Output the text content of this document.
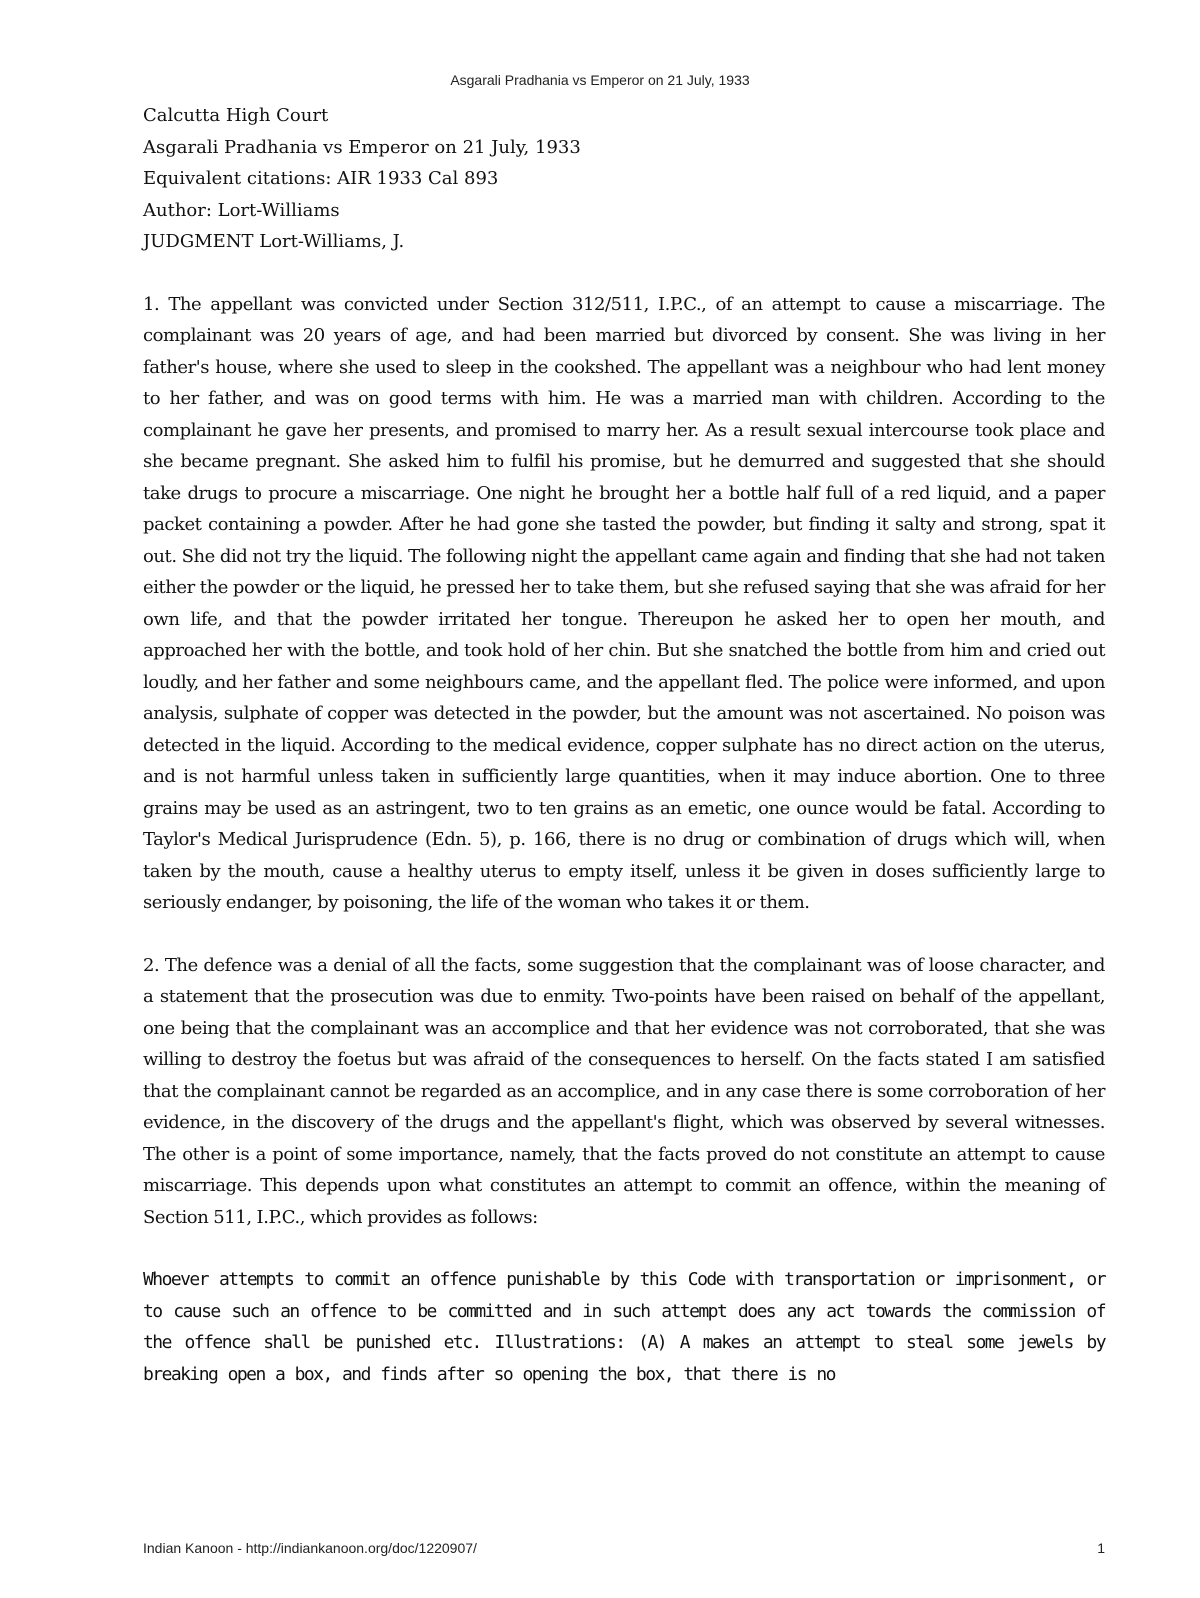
Asgarali Pradhania vs Emperor on 21 July, 1933
Calcutta High Court
Asgarali Pradhania vs Emperor on 21 July, 1933
Equivalent citations: AIR 1933 Cal 893
Author: Lort-Williams
JUDGMENT Lort-Williams, J.

1. The appellant was convicted under Section 312/511, I.P.C., of an attempt to cause a miscarriage. The complainant was 20 years of age, and had been married but divorced by consent. She was living in her father's house, where she used to sleep in the cookshed. The appellant was a neighbour who had lent money to her father, and was on good terms with him. He was a married man with children. According to the complainant he gave her presents, and promised to marry her. As a result sexual intercourse took place and she became pregnant. She asked him to fulfil his promise, but he demurred and suggested that she should take drugs to procure a miscarriage. One night he brought her a bottle half full of a red liquid, and a paper packet containing a powder. After he had gone she tasted the powder, but finding it salty and strong, spat it out. She did not try the liquid. The following night the appellant came again and finding that she had not taken either the powder or the liquid, he pressed her to take them, but she refused saying that she was afraid for her own life, and that the powder irritated her tongue. Thereupon he asked her to open her mouth, and approached her with the bottle, and took hold of her chin. But she snatched the bottle from him and cried out loudly, and her father and some neighbours came, and the appellant fled. The police were informed, and upon analysis, sulphate of copper was detected in the powder, but the amount was not ascertained. No poison was detected in the liquid. According to the medical evidence, copper sulphate has no direct action on the uterus, and is not harmful unless taken in sufficiently large quantities, when it may induce abortion. One to three grains may be used as an astringent, two to ten grains as an emetic, one ounce would be fatal. According to Taylor's Medical Jurisprudence (Edn. 5), p. 166, there is no drug or combination of drugs which will, when taken by the mouth, cause a healthy uterus to empty itself, unless it be given in doses sufficiently large to seriously endanger, by poisoning, the life of the woman who takes it or them.

2. The defence was a denial of all the facts, some suggestion that the complainant was of loose character, and a statement that the prosecution was due to enmity. Two-points have been raised on behalf of the appellant, one being that the complainant was an accomplice and that her evidence was not corroborated, that she was willing to destroy the foetus but was afraid of the consequences to herself. On the facts stated I am satisfied that the complainant cannot be regarded as an accomplice, and in any case there is some corroboration of her evidence, in the discovery of the drugs and the appellant's flight, which was observed by several witnesses. The other is a point of some importance, namely, that the facts proved do not constitute an attempt to cause miscarriage. This depends upon what constitutes an attempt to commit an offence, within the meaning of Section 511, I.P.C., which provides as follows:

Whoever attempts to commit an offence punishable by this Code with transportation or imprisonment, or to cause such an offence to be committed and in such attempt does any act towards the commission of the offence shall be punished etc. Illustrations: (A) A makes an attempt to steal some jewels by breaking open a box, and finds after so opening the box, that there is no

Indian Kanoon - http://indiankanoon.org/doc/1220907/	1
